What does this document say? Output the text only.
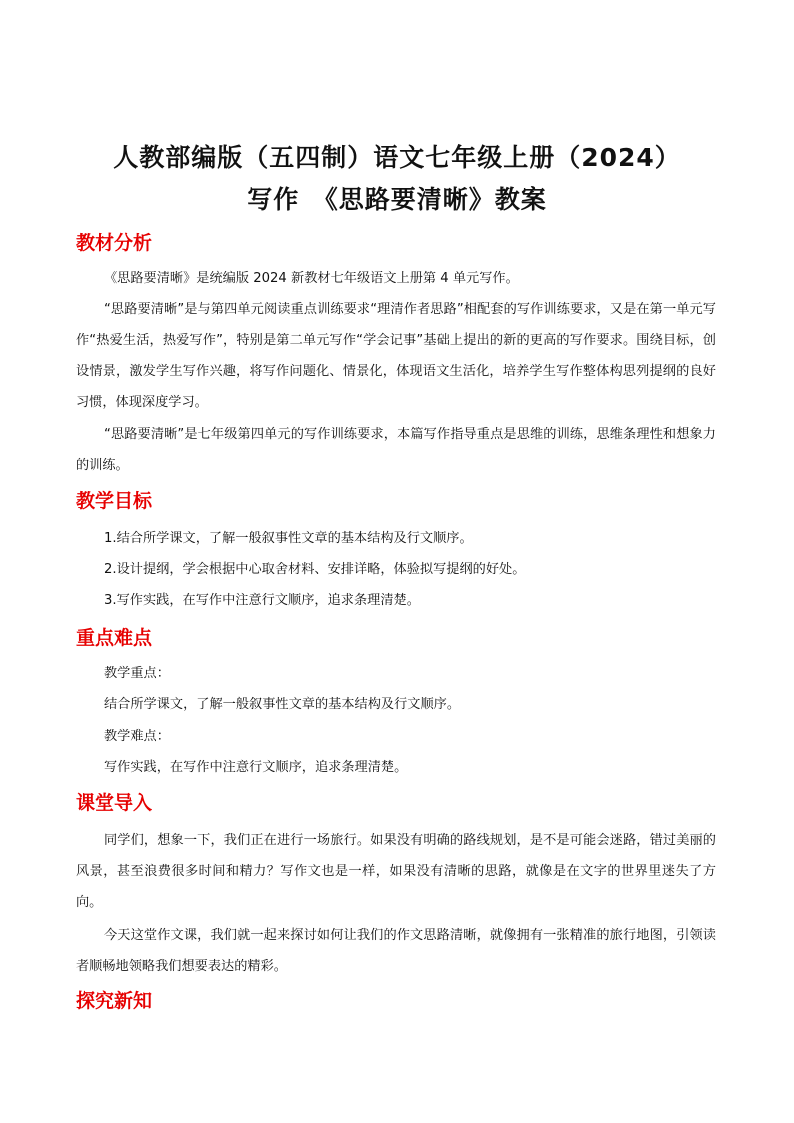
人教部编版（五四制）语文七年级上册（2024）
写作　《思路要清晰》教案
教材分析

《思路要清晰》是统编版 2024 新教材七年级语文上册第 4 单元写作。

“思路要清晰”是与第四单元阅读重点训练要求“理清作者思路”相配套的写作训练要求，又是在第一单元写作“热爱生活，热爱写作”，特别是第二单元写作“学会记事”基础上提出的新的更高的写作要求。围绕目标，创设情景，激发学生写作兴趣，将写作问题化、情景化，体现语文生活化，培养学生写作整体构思列提纲的良好习惯，体现深度学习。

“思路要清晰”是七年级第四单元的写作训练要求，本篇写作指导重点是思维的训练，思维条理性和想象力的训练。

教学目标
1.结合所学课文，了解一般叙事性文章的基本结构及行文顺序。
2.设计提纲，学会根据中心取舍材料、安排详略，体验拟写提纲的好处。
3.写作实践，在写作中注意行文顺序，追求条理清楚。
重点难点
教学重点：
结合所学课文，了解一般叙事性文章的基本结构及行文顺序。
教学难点：
写作实践，在写作中注意行文顺序，追求条理清楚。
课堂导入

同学们，想象一下，我们正在进行一场旅行。如果没有明确的路线规划，是不是可能会迷路，错过美丽的风景，甚至浪费很多时间和精力？写作文也是一样，如果没有清晰的思路，就像是在文字的世界里迷失了方向。

今天这堂作文课，我们就一起来探讨如何让我们的作文思路清晰，就像拥有一张精准的旅行地图，引领读者顺畅地领略我们想要表达的精彩。

探究新知
